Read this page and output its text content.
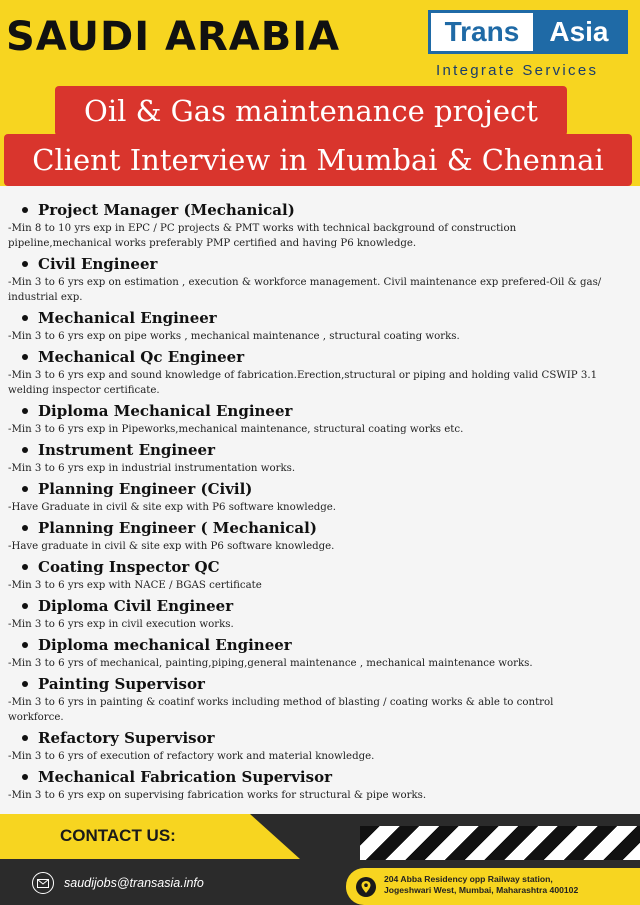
SAUDI ARABIA	Trans	Asia
Integrate Services
Oil & Gas maintenance project
Client Interview in Mumbai & Chennai
Project Manager (Mechanical)
-Min 8 to 10 yrs exp in EPC / PC projects & PMT works with technical background of construction pipeline,mechanical works preferably PMP certified and having P6 knowledge.
Civil Engineer
-Min 3 to 6 yrs exp on estimation , execution & workforce management. Civil maintenance exp prefered-Oil & gas/ industrial exp.
Mechanical Engineer
-Min 3 to 6 yrs exp on pipe works , mechanical maintenance , structural coating works.
Mechanical Qc Engineer
-Min 3 to 6 yrs exp and sound knowledge of fabrication.Erection,structural or piping and holding valid CSWIP 3.1 welding inspector certificate.
Diploma Mechanical Engineer
-Min 3 to 6 yrs exp in Pipeworks,mechanical maintenance, structural coating works etc.
Instrument Engineer
-Min 3 to 6 yrs exp in industrial instrumentation works.
Planning Engineer (Civil)
-Have Graduate in civil & site exp with P6 software knowledge.
Planning Engineer ( Mechanical)
-Have graduate in civil & site exp with P6 software knowledge.
Coating Inspector QC
-Min 3 to 6 yrs exp with NACE / BGAS certificate
Diploma Civil Engineer
-Min 3 to 6 yrs exp in civil execution works.
Diploma mechanical Engineer
-Min 3 to 6 yrs of mechanical, painting,piping,general maintenance , mechanical maintenance works.
Painting Supervisor
-Min 3 to 6 yrs in painting & coatinf works including method of blasting / coating works & able to control workforce.
Refactory Supervisor
-Min 3 to 6 yrs of execution of refactory work and material knowledge.
Mechanical Fabrication Supervisor
-Min 3 to 6 yrs exp on supervising fabrication works for structural & pipe works.
CONTACT US:
saudijobs@transasia.info	204 Abba Residency opp Railway station,
Jogeshwari West, Mumbai, Maharashtra 400102
